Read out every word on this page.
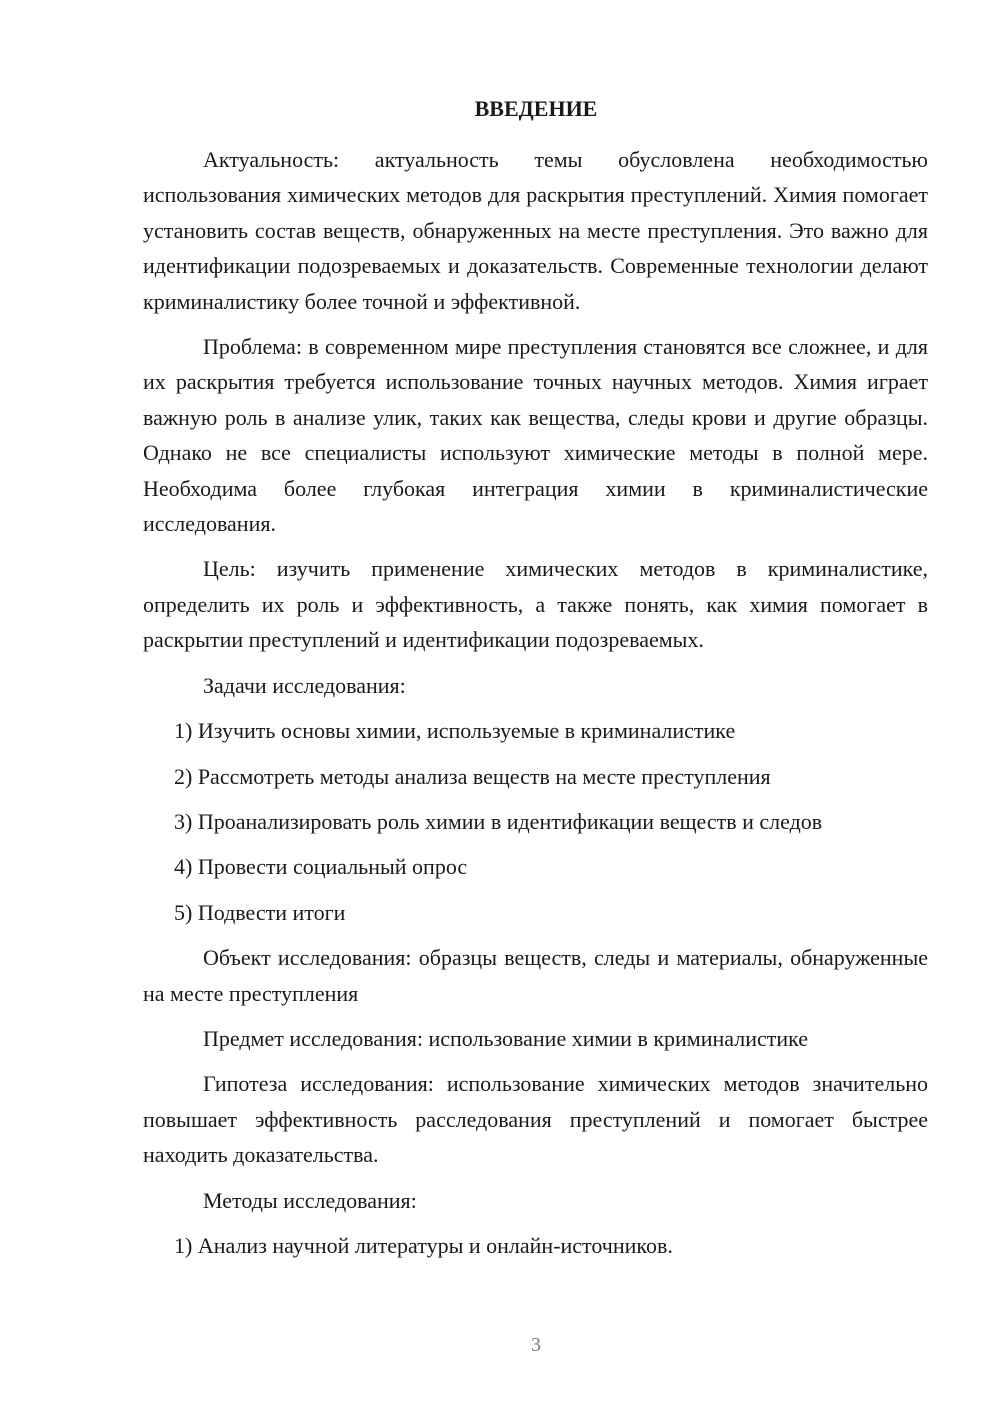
ВВЕДЕНИЕ

Актуальность: актуальность темы обусловлена необходимостью использования химических методов для раскрытия преступлений. Химия помогает установить состав веществ, обнаруженных на месте преступления. Это важно для идентификации подозреваемых и доказательств. Современные технологии делают криминалистику более точной и эффективной.

Проблема: в современном мире преступления становятся все сложнее, и для их раскрытия требуется использование точных научных методов. Химия играет важную роль в анализе улик, таких как вещества, следы крови и другие образцы. Однако не все специалисты используют химические методы в полной мере. Необходима более глубокая интеграция химии в криминалистические исследования.

Цель: изучить применение химических методов в криминалистике, определить их роль и эффективность, а также понять, как химия помогает в раскрытии преступлений и идентификации подозреваемых.

Задачи исследования:

1) Изучить основы химии, используемые в криминалистике

2) Рассмотреть методы анализа веществ на месте преступления

3) Проанализировать роль химии в идентификации веществ и следов

4) Провести социальный опрос

5) Подвести итоги

Объект исследования: образцы веществ, следы и материалы, обнаруженные на месте преступления

Предмет исследования: использование химии в криминалистике

Гипотеза исследования: использование химических методов значительно повышает эффективность расследования преступлений и помогает быстрее находить доказательства.

Методы исследования:

1) Анализ научной литературы и онлайн-источников.

3
